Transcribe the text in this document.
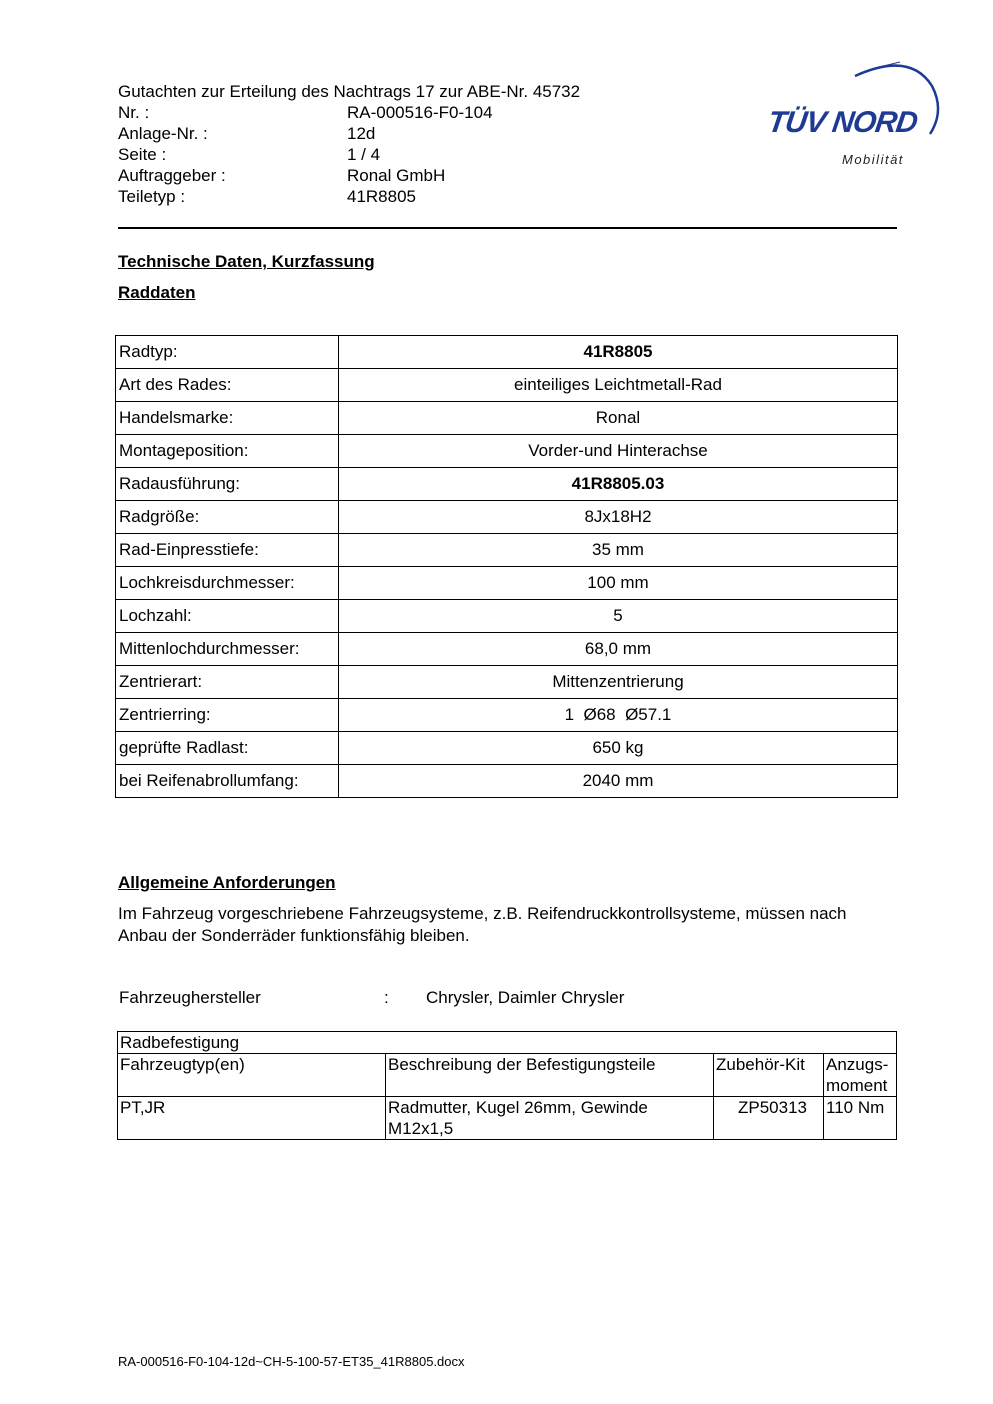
Gutachten zur Erteilung des Nachtrags 17 zur ABE-Nr. 45732
Nr. :	RA-000516-F0-104
Anlage-Nr. :	12d
Seite :	1 / 4
Auftraggeber :	Ronal GmbH
Teiletyp :	41R8805
TÜV NORD
Mobilität
Technische Daten, Kurzfassung
Raddaten
Radtyp:	41R8805
Art des Rades:	einteiliges Leichtmetall-Rad
Handelsmarke:	Ronal
Montageposition:	Vorder-und Hinterachse
Radausführung:	41R8805.03
Radgröße:	8Jx18H2
Rad-Einpresstiefe:	35 mm
Lochkreisdurchmesser:	100 mm
Lochzahl:	5
Mittenlochdurchmesser:	68,0 mm
Zentrierart:	Mittenzentrierung
Zentrierring:	1  Ø68  Ø57.1
geprüfte Radlast:	650 kg
bei Reifenabrollumfang:	2040 mm
Allgemeine Anforderungen
Im Fahrzeug vorgeschriebene Fahrzeugsysteme, z.B. Reifendruckkontrollsysteme, müssen nach Anbau der Sonderräder funktionsfähig bleiben.
Fahrzeughersteller	: Chrysler, Daimler Chrysler
Radbefestigung			
Fahrzeugtyp(en)	Beschreibung der Befestigungsteile	Zubehör-Kit	Anzugs-
moment

PT,JR	Radmutter, Kugel 26mm, Gewinde M12x1,5	ZP50313	110 Nm
RA-000516-F0-104-12d~CH-5-100-57-ET35_41R8805.docx
